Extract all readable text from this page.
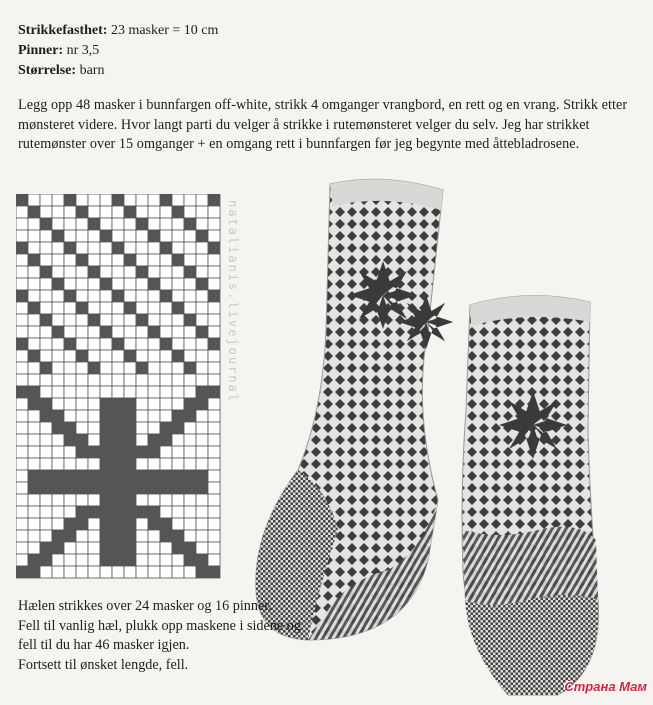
Strikkefasthet: 23 masker = 10 cm
Pinner: nr 3,5
Størrelse: barn
Legg opp 48 masker i bunnfargen off-white, strikk 4 omganger vrangbord, en rett og en vrang. Strikk etter mønsteret videre. Hvor langt parti du velger å strikke i rutemønsteret velger du selv. Jeg har strikket rutemønster over 15 omganger + en omgang rett i bunnfargen før jeg begynte med åttebladrosene.
natalianis.livejournal
Hælen strikkes over 24 masker og 16 pinner.
Fell til vanlig hæl, plukk opp maskene i sidene og
fell til du har 46 masker igjen.
Fortsett til ønsket lengde, fell.
Страна Мам
